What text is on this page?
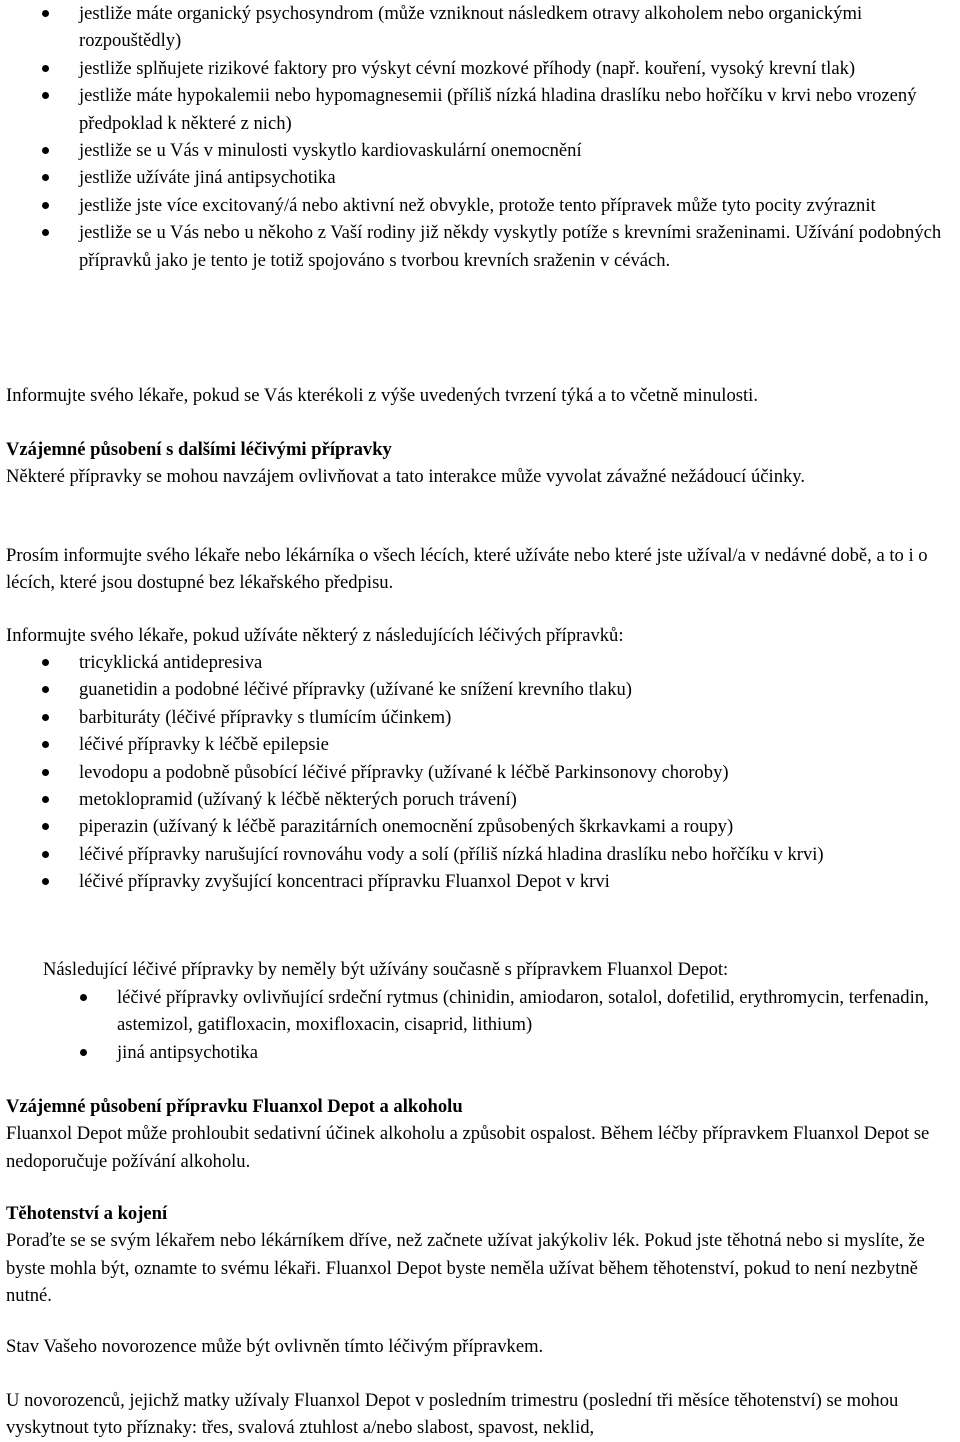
jestliže máte organický psychosyndrom (může vzniknout následkem otravy alkoholem nebo organickými rozpouštědly)
jestliže splňujete rizikové faktory pro výskyt cévní mozkové příhody (např. kouření, vysoký krevní tlak)
jestliže máte hypokalemii nebo hypomagnesemii (příliš nízká hladina draslíku nebo hořčíku v krvi nebo vrozený předpoklad k některé z nich)
jestliže se u Vás v minulosti vyskytlo kardiovaskulární onemocnění
jestliže užíváte jiná antipsychotika
jestliže jste více excitovaný/á nebo aktivní než obvykle, protože tento přípravek může tyto pocity zvýraznit
jestliže se u Vás nebo u někoho z Vaší rodiny již někdy vyskytly potíže s krevními sraženinami. Užívání podobných přípravků jako je tento je totiž spojováno s tvorbou krevních sraženin v cévách.

Informujte svého lékaře, pokud se Vás kterékoli z výše uvedených tvrzení týká a to včetně minulosti.

Vzájemné působení s dalšími léčivými přípravky
Některé přípravky se mohou navzájem ovlivňovat a tato interakce může vyvolat závažné nežádoucí účinky.

Prosím informujte svého lékaře nebo lékárníka o všech lécích, které užíváte nebo které jste užíval/a v nedávné době, a to i o lécích, které jsou dostupné bez lékařského předpisu.

Informujte svého lékaře, pokud užíváte některý z následujících léčivých přípravků:

tricyklická antidepresiva
guanetidin a podobné léčivé přípravky (užívané ke snížení krevního tlaku)
barbituráty (léčivé přípravky s tlumícím účinkem)
léčivé přípravky k léčbě epilepsie
levodopu a podobně působící léčivé přípravky (užívané k léčbě Parkinsonovy choroby)
metoklopramid (užívaný k léčbě některých poruch trávení)
piperazin (užívaný k léčbě parazitárních onemocnění způsobených škrkavkami a roupy)
léčivé přípravky narušující rovnováhu vody a solí (příliš nízká hladina draslíku nebo hořčíku v krvi)
léčivé přípravky zvyšující koncentraci přípravku Fluanxol Depot v krvi

Následující léčivé přípravky by neměly být užívány současně s přípravkem Fluanxol Depot:

léčivé přípravky ovlivňující srdeční rytmus (chinidin, amiodaron, sotalol, dofetilid, erythromycin, terfenadin, astemizol, gatifloxacin, moxifloxacin, cisaprid, lithium)
jiná antipsychotika
Vzájemné působení přípravku Fluanxol Depot a alkoholu
Fluanxol Depot může prohloubit sedativní účinek alkoholu a způsobit ospalost. Během léčby přípravkem Fluanxol Depot se nedoporučuje požívání alkoholu.
Těhotenství a kojení
Poraďte se se svým lékařem nebo lékárníkem dříve, než začnete užívat jakýkoliv lék. Pokud jste těhotná nebo si myslíte, že byste mohla být, oznamte to svému lékaři. Fluanxol Depot byste neměla užívat během těhotenství, pokud to není nezbytně nutné.

Stav Vašeho novorozence může být ovlivněn tímto léčivým přípravkem.

U novorozenců, jejichž matky užívaly Fluanxol Depot v posledním trimestru (poslední tři měsíce těhotenství) se mohou vyskytnout tyto příznaky: třes, svalová ztuhlost a/nebo slabost, spavost, neklid,
